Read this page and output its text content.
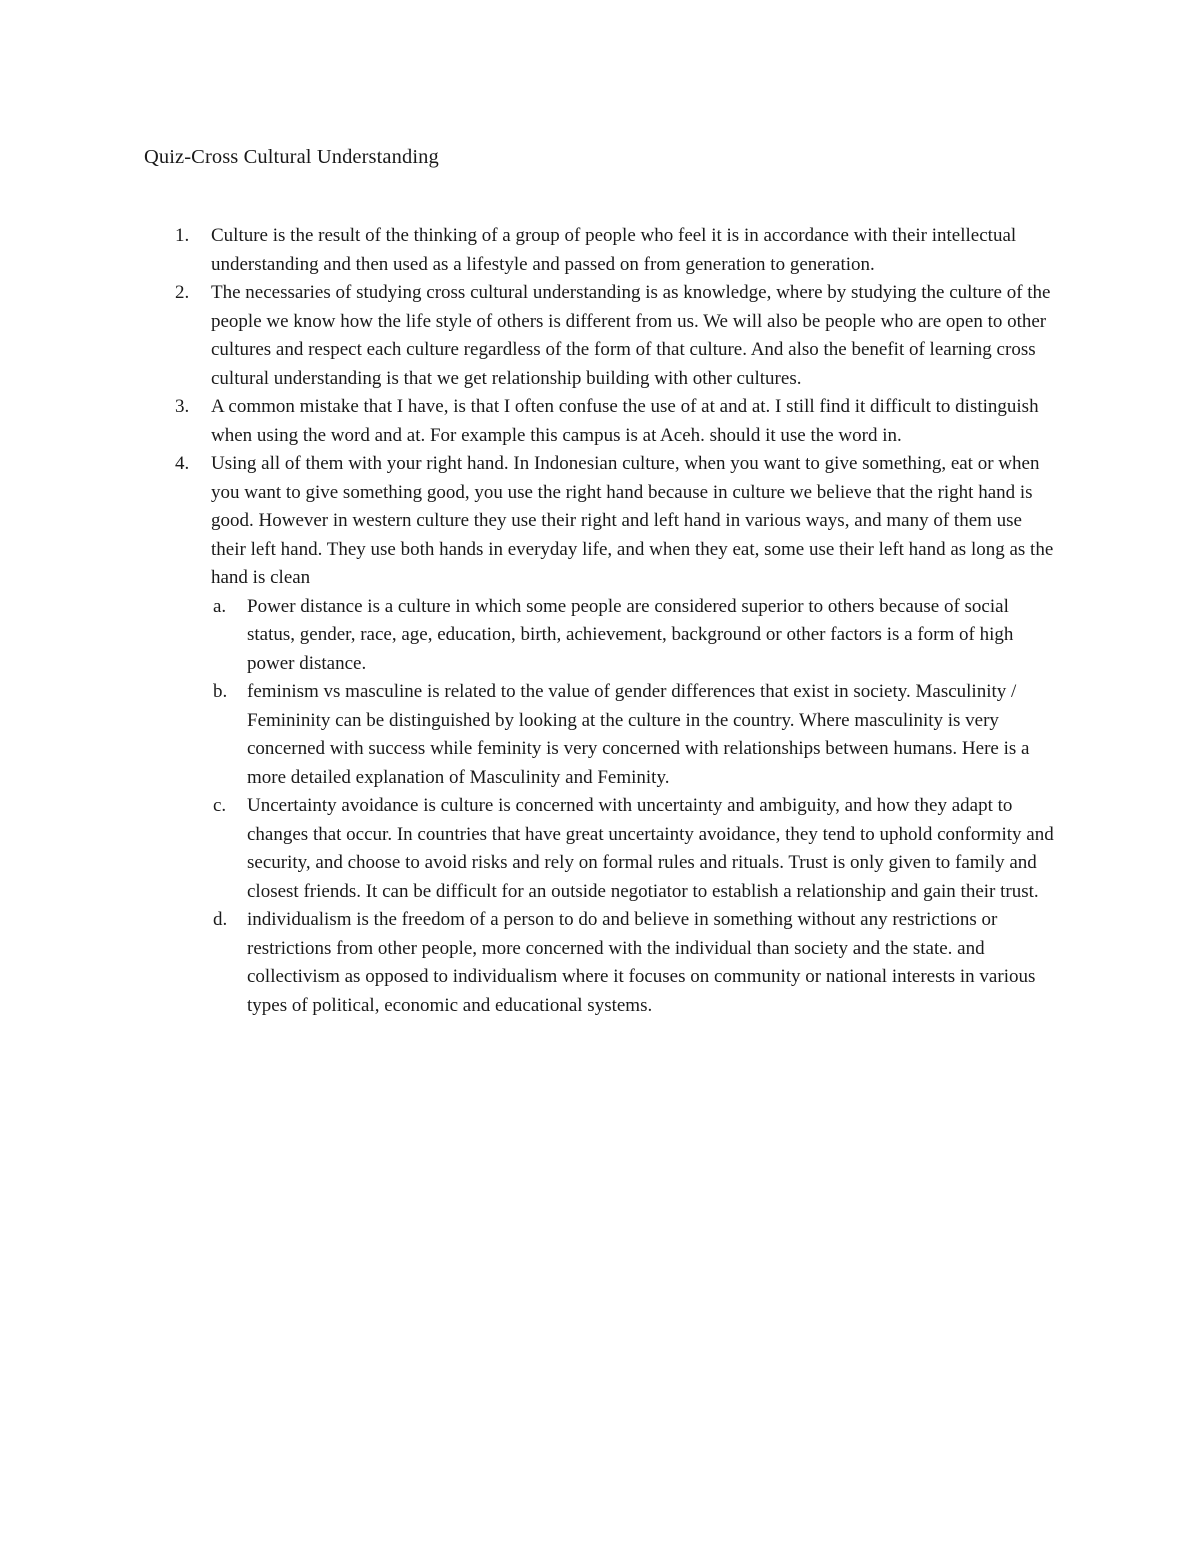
Quiz-Cross Cultural Understanding
1. Culture is the result of the thinking of a group of people who feel it is in accordance with their intellectual understanding and then used as a lifestyle and passed on from generation to generation.
2. The necessaries of studying cross cultural understanding is as knowledge, where by studying the culture of the people we know how the life style of others is different from us. We will also be people who are open to other cultures and respect each culture regardless of the form of that culture. And also the benefit of learning cross cultural understanding is that we get relationship building with other cultures.
3. A common mistake that I have, is that I often confuse the use of at and at. I still find it difficult to distinguish when using the word and at. For example this campus is at Aceh. should it use the word in.
4. Using all of them with your right hand. In Indonesian culture, when you want to give something, eat or when you want to give something good, you use the right hand because in culture we believe that the right hand is good. However in western culture they use their right and left hand in various ways, and many of them use their left hand. They use both hands in everyday life, and when they eat, some use their left hand as long as the hand is clean
a. Power distance is a culture in which some people are considered superior to others because of social status, gender, race, age, education, birth, achievement, background or other factors is a form of high power distance.
b. feminism vs masculine is related to the value of gender differences that exist in society. Masculinity / Femininity can be distinguished by looking at the culture in the country. Where masculinity is very concerned with success while feminity is very concerned with relationships between humans. Here is a more detailed explanation of Masculinity and Feminity.
c. Uncertainty avoidance is culture is concerned with uncertainty and ambiguity, and how they adapt to changes that occur. In countries that have great uncertainty avoidance, they tend to uphold conformity and security, and choose to avoid risks and rely on formal rules and rituals. Trust is only given to family and closest friends. It can be difficult for an outside negotiator to establish a relationship and gain their trust.
d. individualism is the freedom of a person to do and believe in something without any restrictions or restrictions from other people, more concerned with the individual than society and the state. and collectivism as opposed to individualism where it focuses on community or national interests in various types of political, economic and educational systems.
